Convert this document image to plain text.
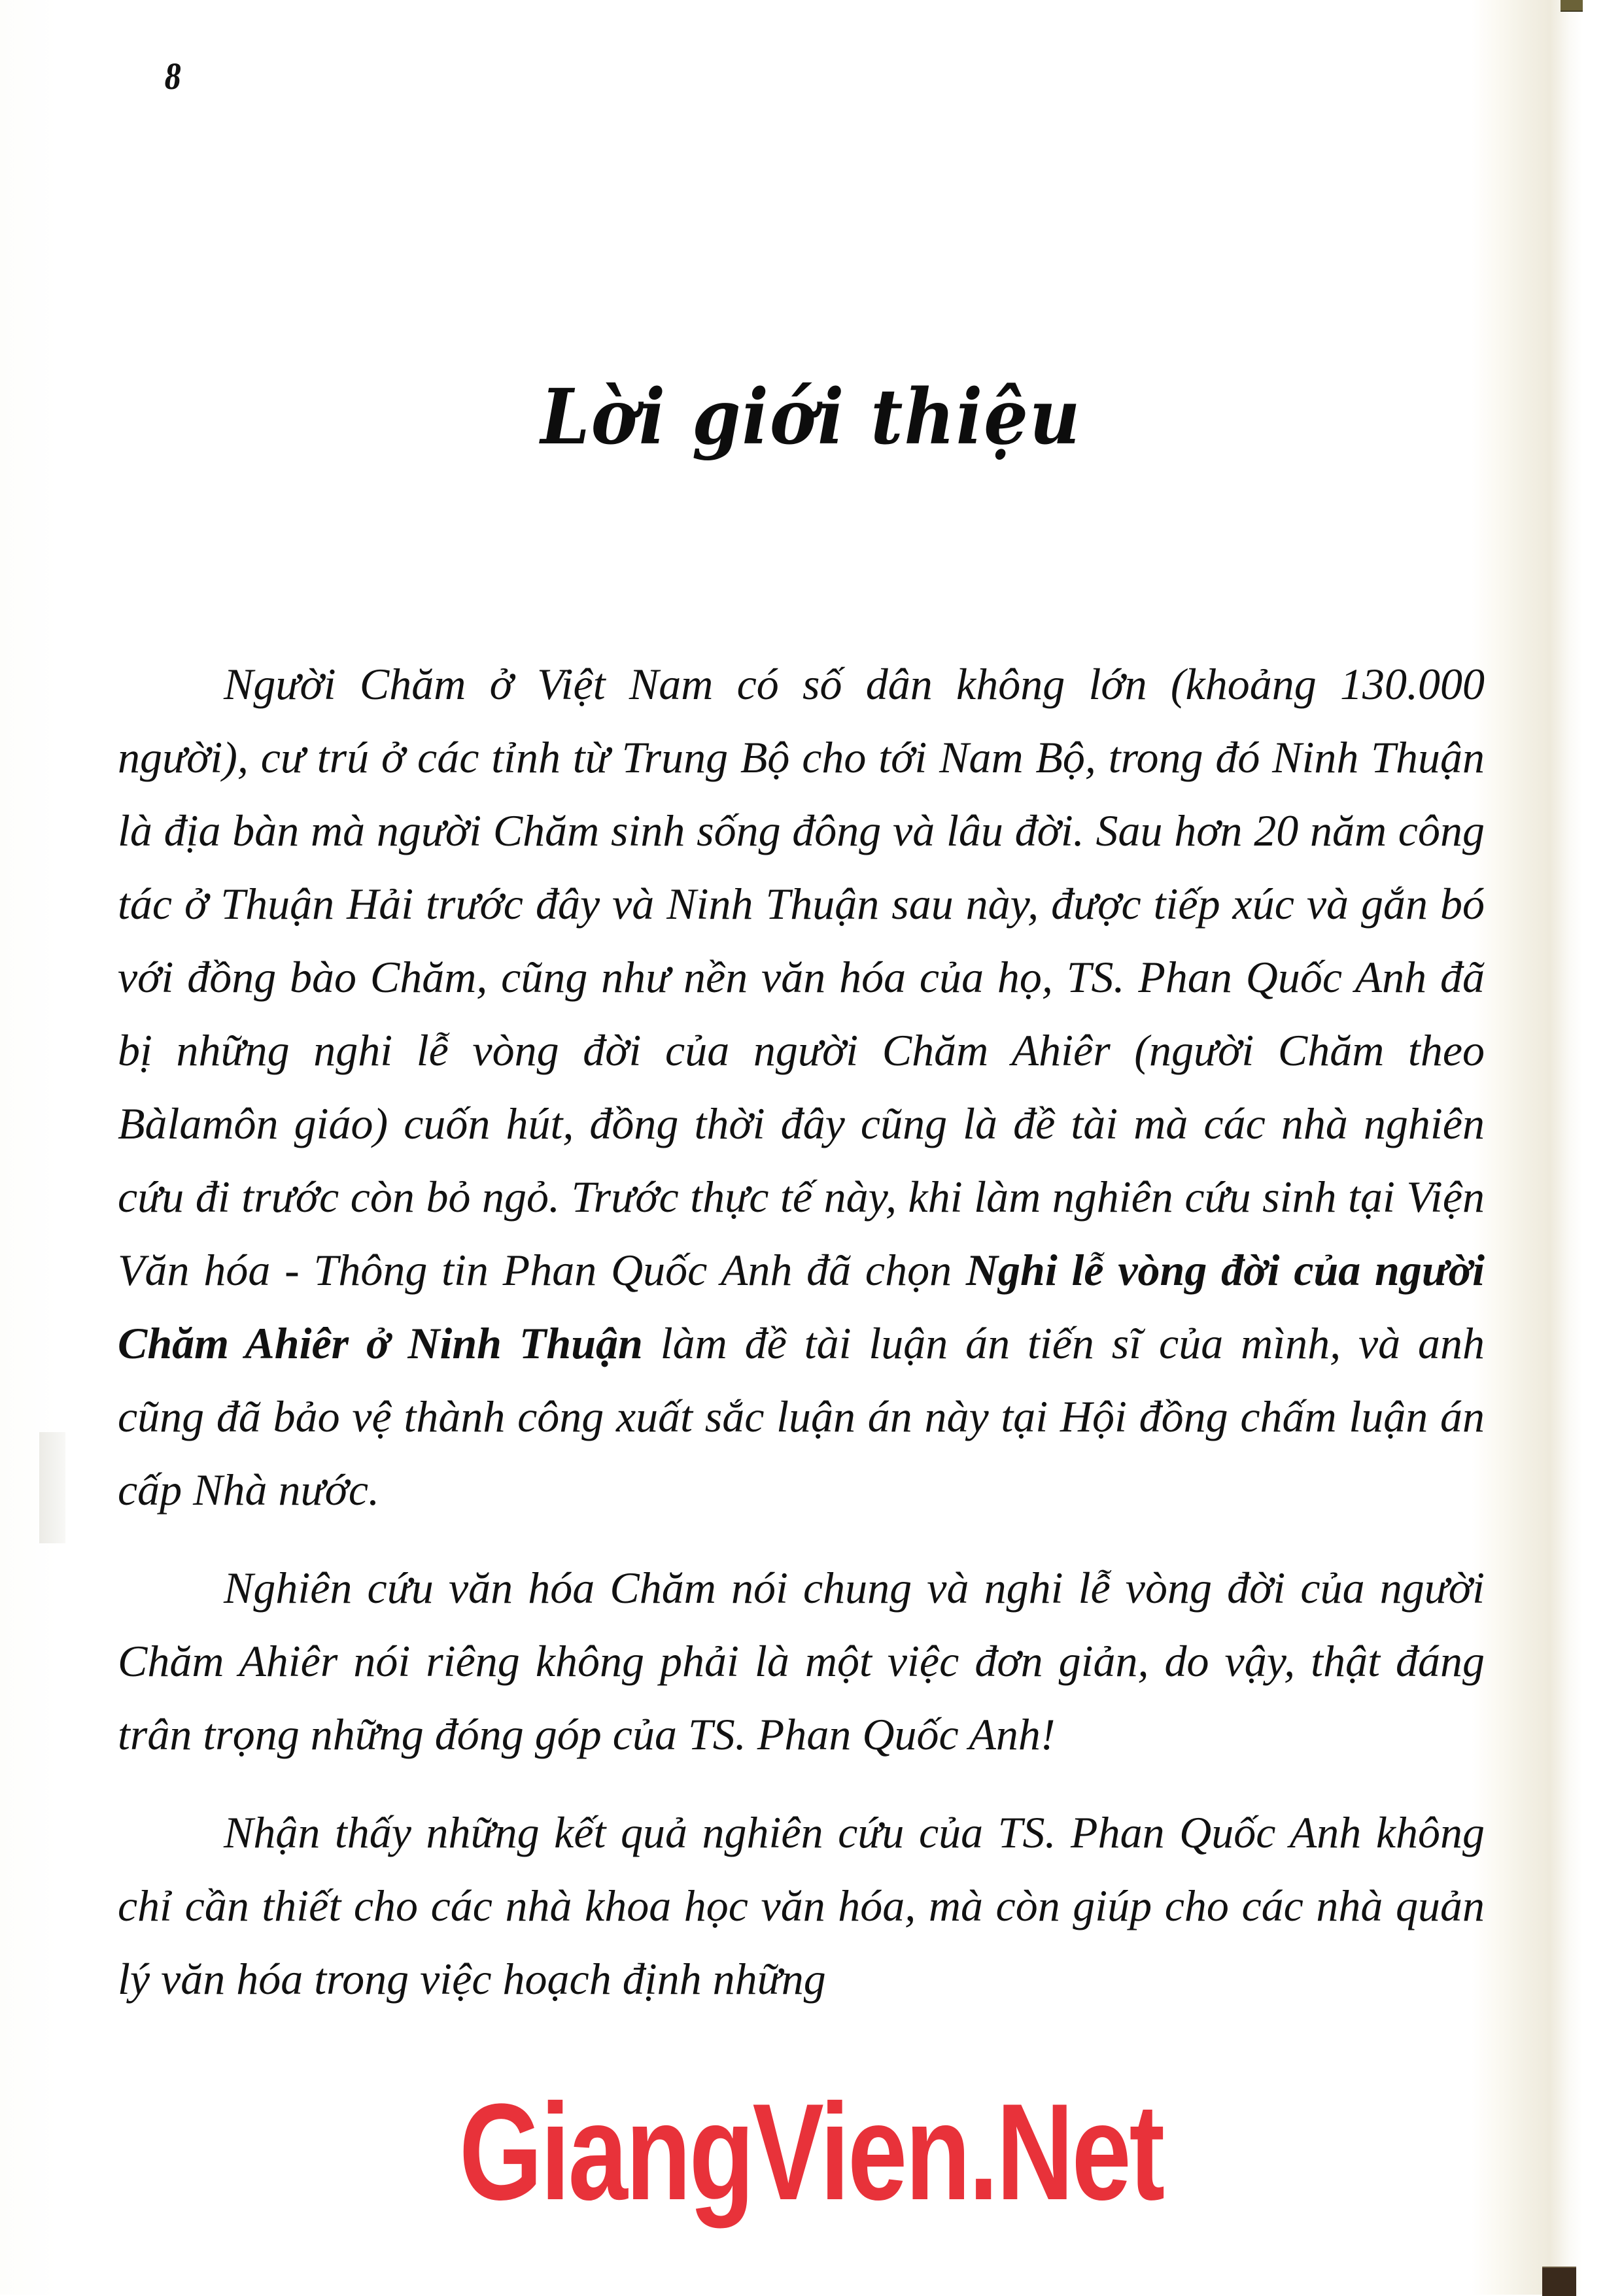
8
Lời giới thiệu

Người Chăm ở Việt Nam có số dân không lớn (khoảng 130.000 người), cư trú ở các tỉnh từ Trung Bộ cho tới Nam Bộ, trong đó Ninh Thuận là địa bàn mà người Chăm sinh sống đông và lâu đời. Sau hơn 20 năm công tác ở Thuận Hải trước đây và Ninh Thuận sau này, được tiếp xúc và gắn bó với đồng bào Chăm, cũng như nền văn hóa của họ, TS. Phan Quốc Anh đã bị những nghi lễ vòng đời của người Chăm Ahiêr (người Chăm theo Bàlamôn giáo) cuốn hút, đồng thời đây cũng là đề tài mà các nhà nghiên cứu đi trước còn bỏ ngỏ. Trước thực tế này, khi làm nghiên cứu sinh tại Viện Văn hóa - Thông tin Phan Quốc Anh đã chọn Nghi lễ vòng đời của người Chăm Ahiêr ở Ninh Thuận làm đề tài luận án tiến sĩ của mình, và anh cũng đã bảo vệ thành công xuất sắc luận án này tại Hội đồng chấm luận án cấp Nhà nước.

Nghiên cứu văn hóa Chăm nói chung và nghi lễ vòng đời của người Chăm Ahiêr nói riêng không phải là một việc đơn giản, do vậy, thật đáng trân trọng những đóng góp của TS. Phan Quốc Anh!

Nhận thấy những kết quả nghiên cứu của TS. Phan Quốc Anh không chỉ cần thiết cho các nhà khoa học văn hóa, mà còn giúp cho các nhà quản lý văn hóa trong việc hoạch định những

GiangVien.Net
